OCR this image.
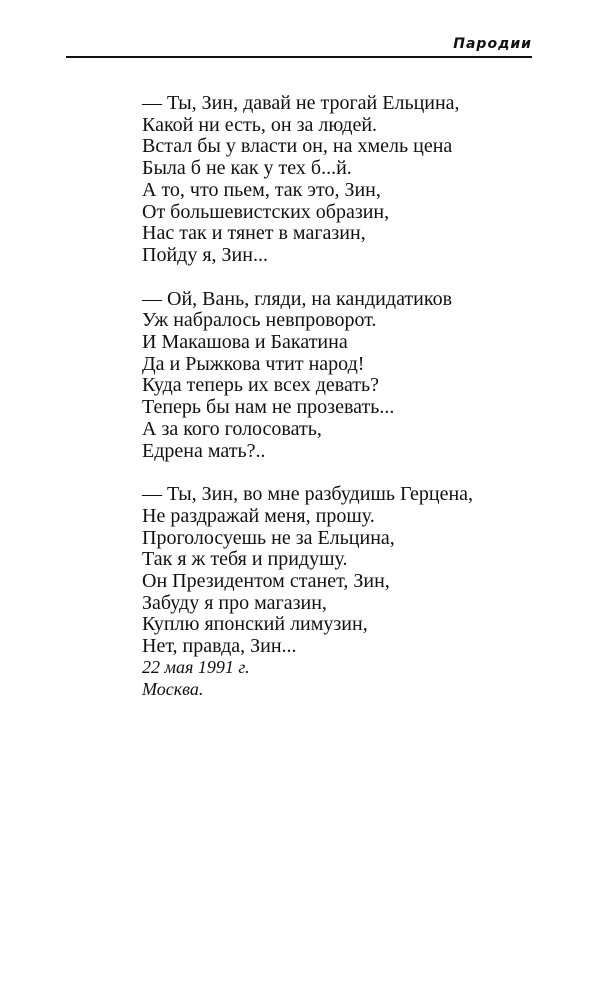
Пародии
— Ты, Зин, давай не трогай Ельцина,
Какой ни есть, он за людей.
Встал бы у власти он, на хмель цена
Была б не как у тех б...й.
А то, что пьем, так это, Зин,
От большевистских образин,
Нас так и тянет в магазин,
Пойду я, Зин...
— Ой, Вань, гляди, на кандидатиков
Уж набралось невпроворот.
И Макашова и Бакатина
Да и Рыжкова чтит народ!
Куда теперь их всех девать?
Теперь бы нам не прозевать...
А за кого голосовать,
Едрена мать?..
— Ты, Зин, во мне разбудишь Герцена,
Не раздражай меня, прошу.
Проголосуешь не за Ельцина,
Так я ж тебя и придушу.
Он Президентом станет, Зин,
Забуду я про магазин,
Куплю японский лимузин,
Нет, правда, Зин...
22 мая 1991 г.
Москва.
